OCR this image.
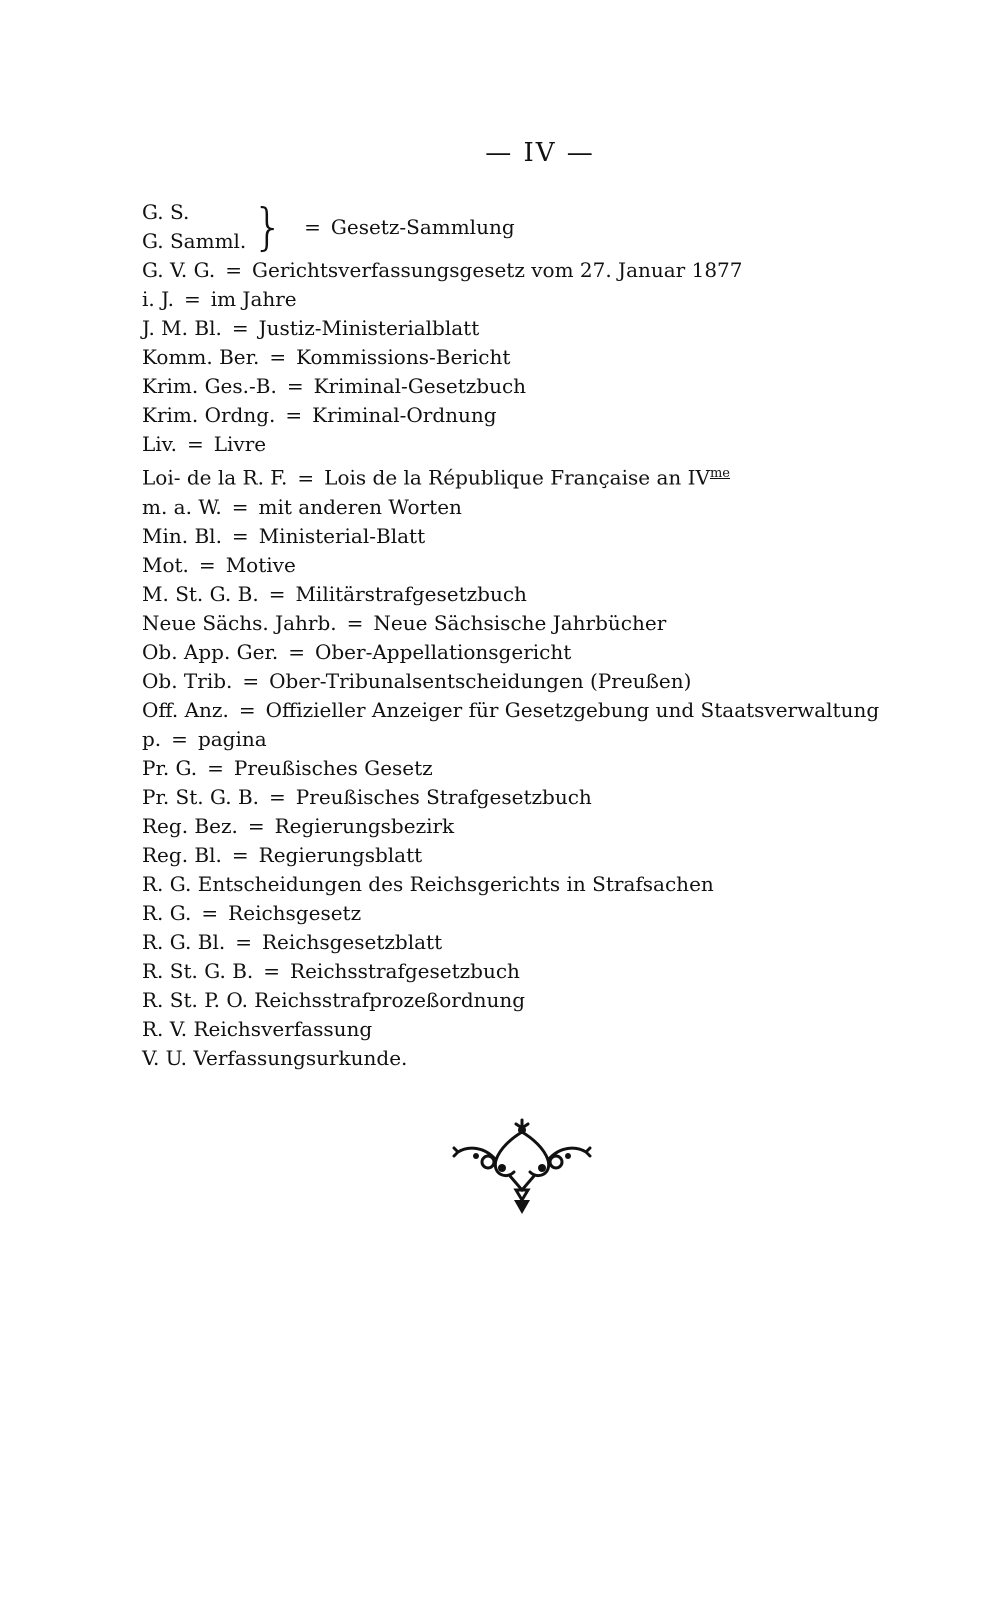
— IV —
G. S.
G. Samml. } = Gesetz-Sammlung
G. V. G. = Gerichtsverfassungsgesetz vom 27. Januar 1877
i. J. = im Jahre
J. M. Bl. = Justiz-Ministerialblatt
Komm. Ber. = Kommissions-Bericht
Krim. Ges.-B. = Kriminal-Gesetzbuch
Krim. Ordng. = Kriminal-Ordnung
Liv. = Livre
Loi- de la R. F. = Lois de la République Française an $IV^{me}$
m. a. W. = mit anderen Worten
Min. Bl. = Ministerial-Blatt
Mot. = Motive
M. St. G. B. = Militärstrafgesetzbuch
Neue Sächs. Jahrb. = Neue Sächsische Jahrbücher
Ob. App. Ger. = Ober-Appellationsgericht
Ob. Trib. = Ober-Tribunalsentscheidungen (Preußen)
Off. Anz. = Offizieller Anzeiger für Gesetzgebung und Staatsverwaltung
p. = pagina
Pr. G. = Preußisches Gesetz
Pr. St. G. B. = Preußisches Strafgesetzbuch
Reg. Bez. = Regierungsbezirk
Reg. Bl. = Regierungsblatt
R. G. Entscheidungen des Reichsgerichts in Strafsachen
R. G. = Reichsgesetz
R. G. Bl. = Reichsgesetzblatt
R. St. G. B. = Reichsstrafgesetzbuch
R. St. P. O. Reichsstrafprozeßordnung
R. V. Reichsverfassung
V. U. Verfassungsurkunde.
